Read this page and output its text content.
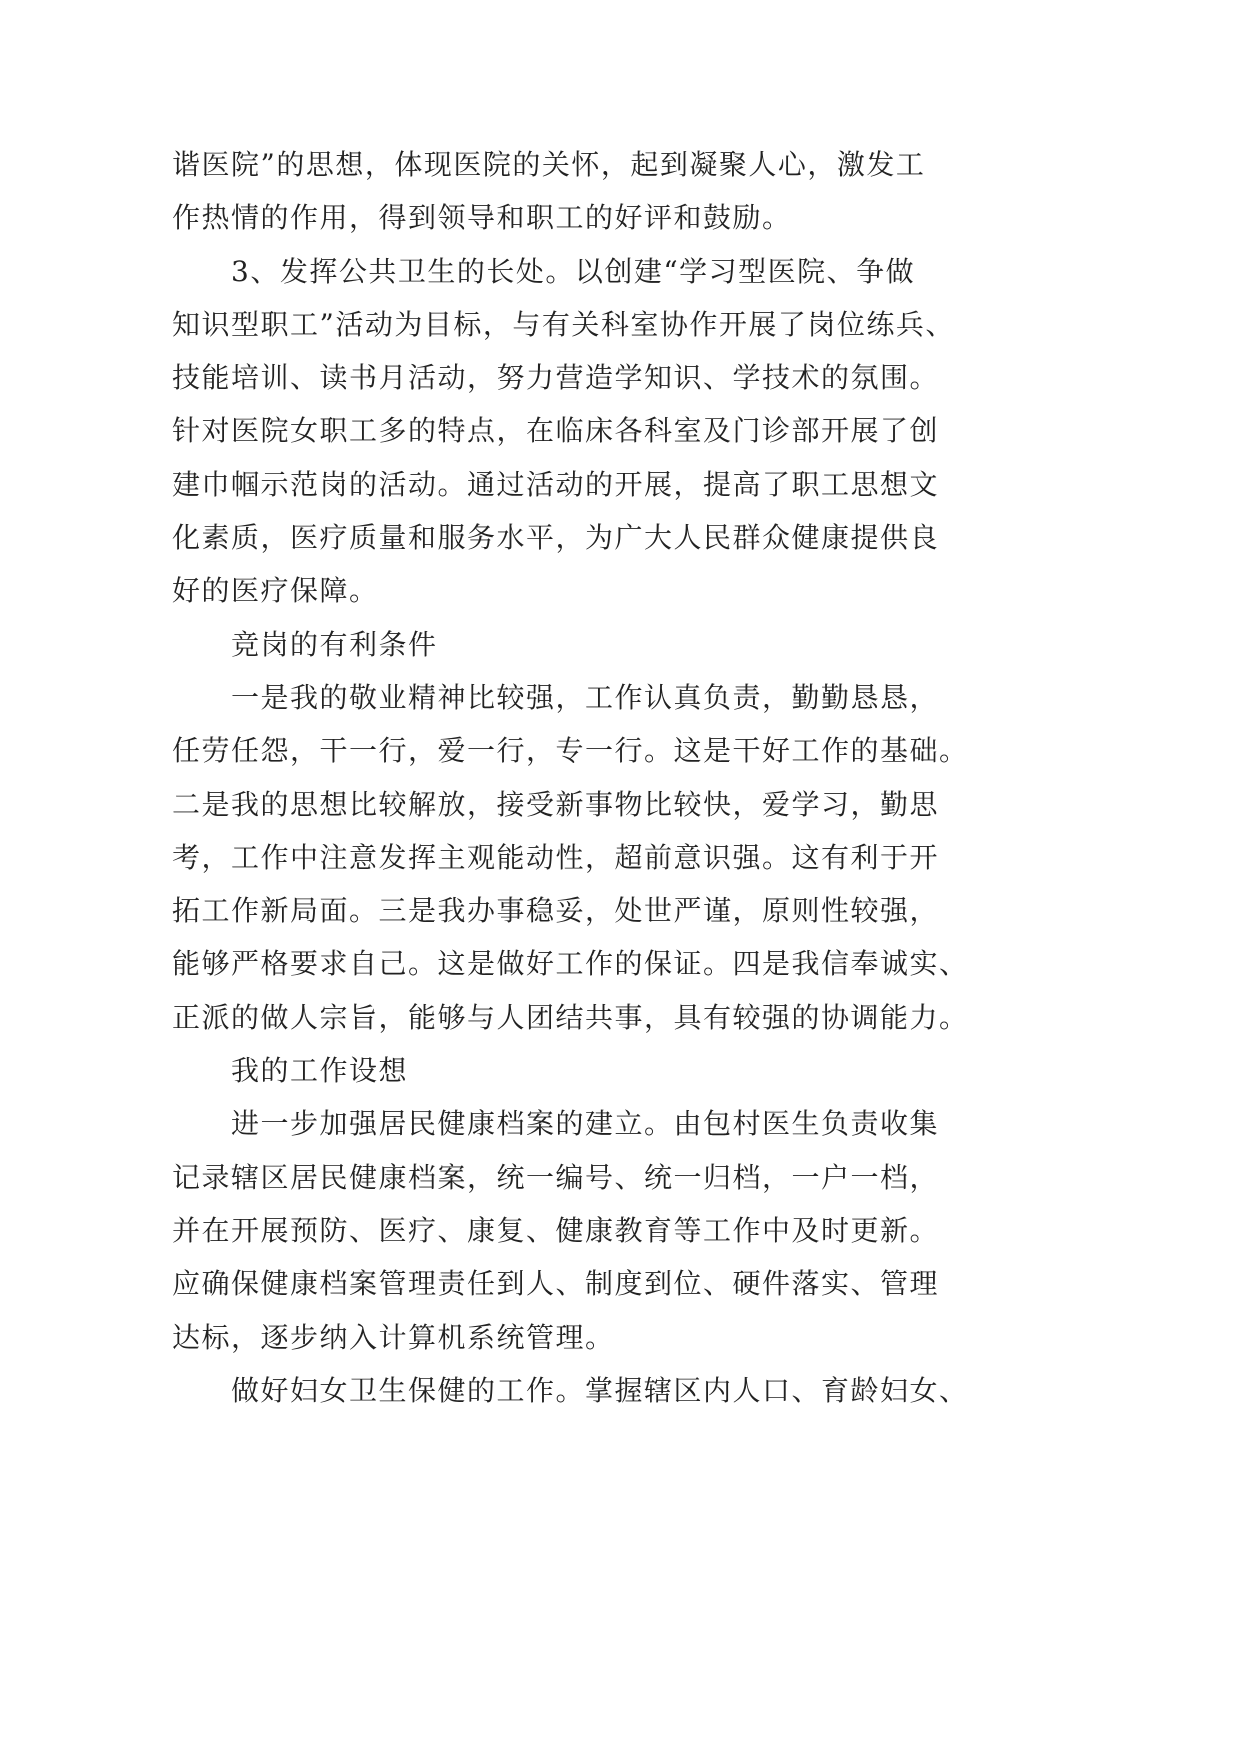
谐医院”的思想，体现医院的关怀，起到凝聚人心，激发工
作热情的作用，得到领导和职工的好评和鼓励。
3、发挥公共卫生的长处。以创建“学习型医院、争做
知识型职工”活动为目标，与有关科室协作开展了岗位练兵、
技能培训、读书月活动，努力营造学知识、学技术的氛围。
针对医院女职工多的特点，在临床各科室及门诊部开展了创
建巾帼示范岗的活动。通过活动的开展，提高了职工思想文
化素质，医疗质量和服务水平，为广大人民群众健康提供良
好的医疗保障。
竞岗的有利条件
一是我的敬业精神比较强，工作认真负责，勤勤恳恳，
任劳任怨，干一行，爱一行，专一行。这是干好工作的基础。
二是我的思想比较解放，接受新事物比较快，爱学习，勤思
考，工作中注意发挥主观能动性，超前意识强。这有利于开
拓工作新局面。三是我办事稳妥，处世严谨，原则性较强，
能够严格要求自己。这是做好工作的保证。四是我信奉诚实、
正派的做人宗旨，能够与人团结共事，具有较强的协调能力。
我的工作设想
进一步加强居民健康档案的建立。由包村医生负责收集
记录辖区居民健康档案，统一编号、统一归档，一户一档，
并在开展预防、医疗、康复、健康教育等工作中及时更新。
应确保健康档案管理责任到人、制度到位、硬件落实、管理
达标，逐步纳入计算机系统管理。
做好妇女卫生保健的工作。掌握辖区内人口、育龄妇女、
